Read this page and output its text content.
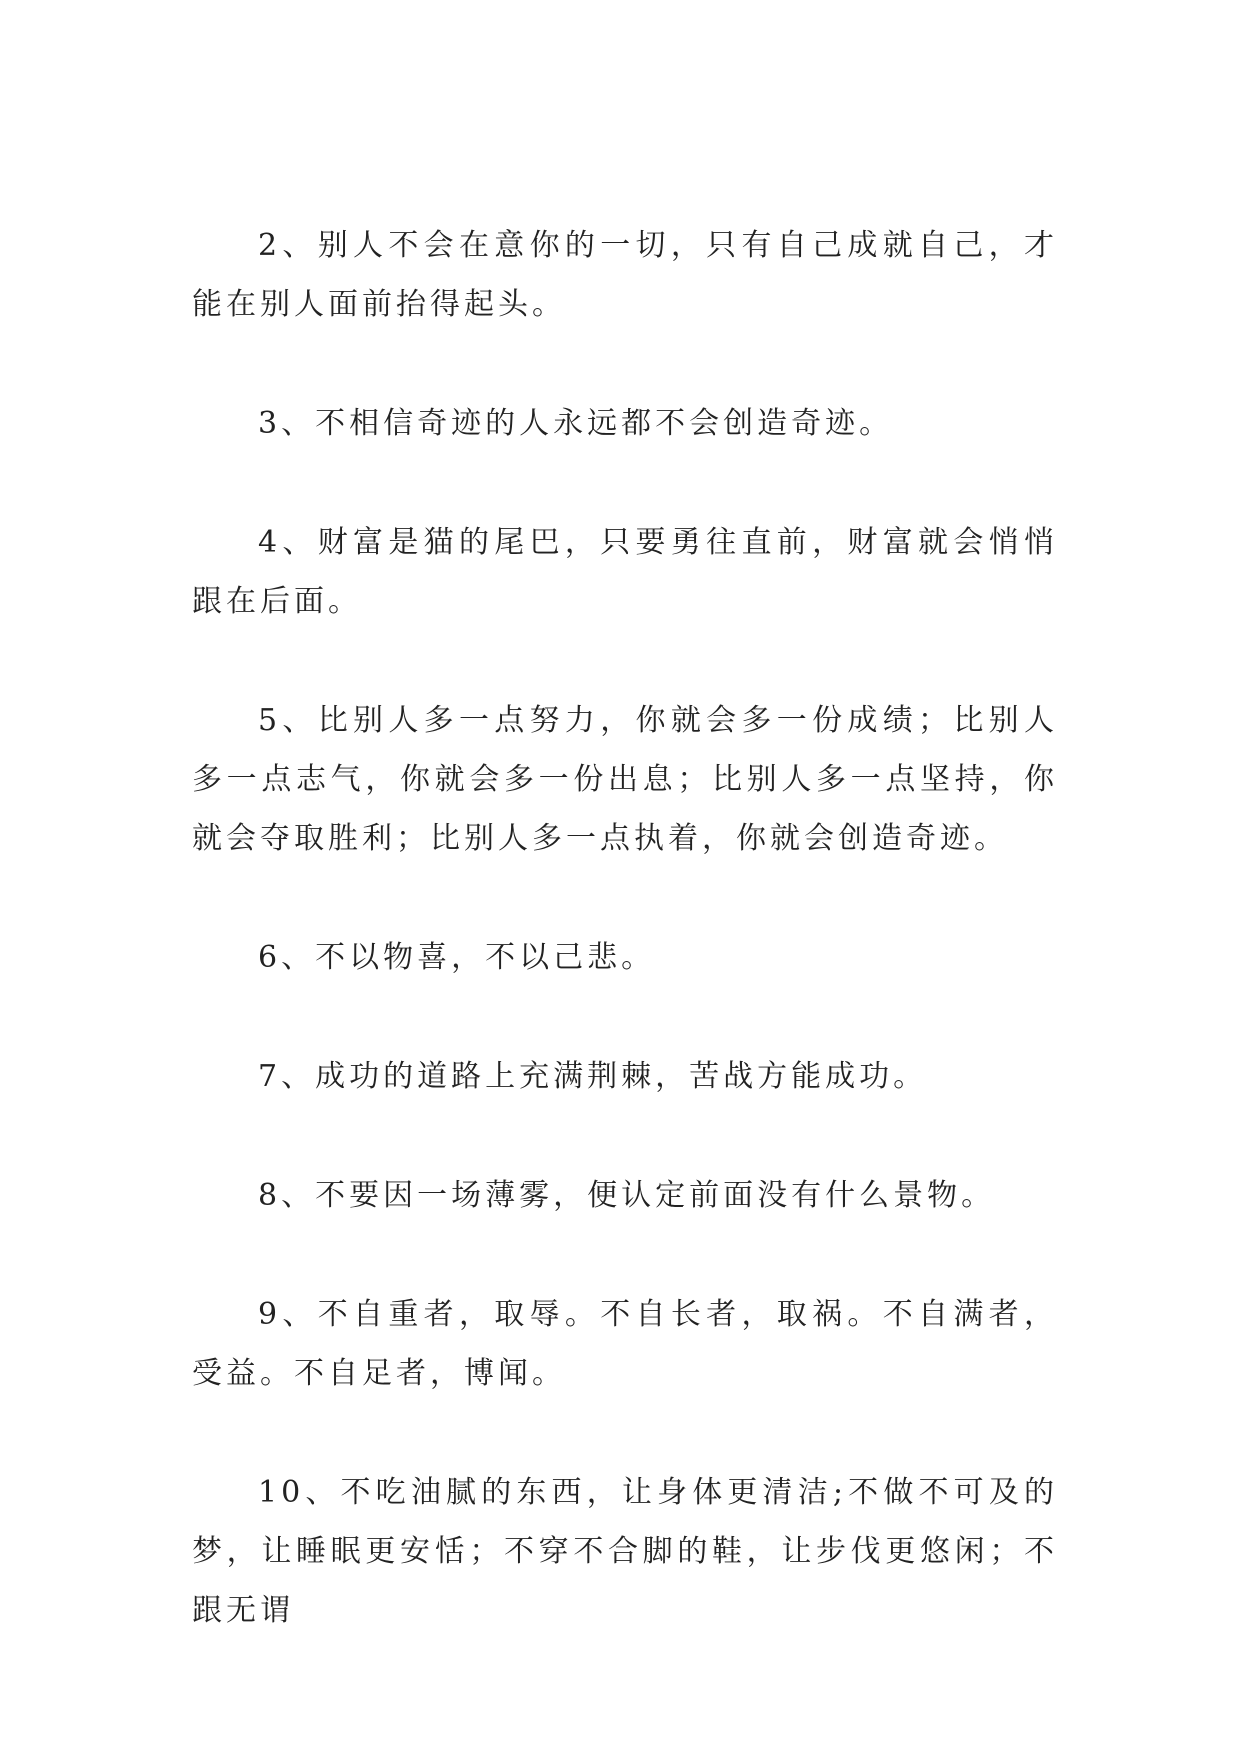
2、别人不会在意你的一切，只有自己成就自己，才能在别人面前抬得起头。

3、不相信奇迹的人永远都不会创造奇迹。

4、财富是猫的尾巴，只要勇往直前，财富就会悄悄跟在后面。

5、比别人多一点努力，你就会多一份成绩；比别人多一点志气，你就会多一份出息；比别人多一点坚持，你就会夺取胜利；比别人多一点执着，你就会创造奇迹。

6、不以物喜，不以己悲。

7、成功的道路上充满荆棘，苦战方能成功。

8、不要因一场薄雾，便认定前面没有什么景物。

9、不自重者，取辱。不自长者，取祸。不自满者，受益。不自足者，博闻。

10、不吃油腻的东西，让身体更清洁;不做不可及的梦，让睡眠更安恬；不穿不合脚的鞋，让步伐更悠闲；不跟无谓
